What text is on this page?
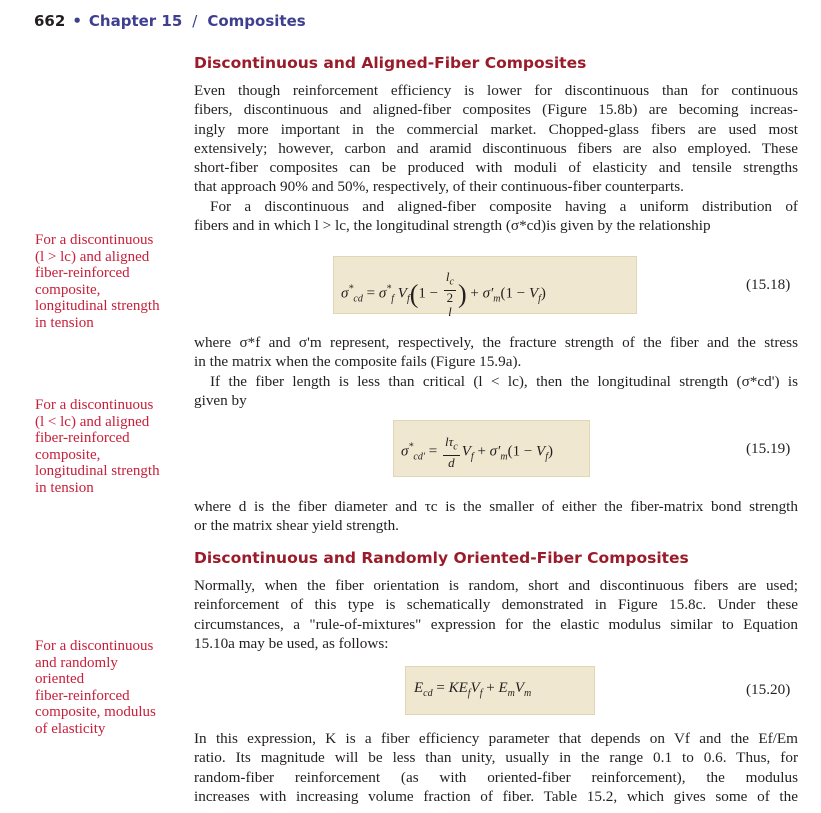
662 • Chapter 15 / Composites
Discontinuous and Aligned-Fiber Composites

Even though reinforcement efficiency is lower for discontinuous than for continuous
fibers, discontinuous and aligned-fiber composites (Figure 15.8b) are becoming increas-
ingly more important in the commercial market. Chopped-glass fibers are used most
extensively; however, carbon and aramid discontinuous fibers are also employed. These
short-fiber composites can be produced with moduli of elasticity and tensile strengths
that approach 90% and 50%, respectively, of their continuous-fiber counterparts.

For a discontinuous and aligned-fiber composite having a uniform distribution of
fibers and in which l > lc, the longitudinal strength (σ*cd)is given by the relationship

$\sigma^*_{cd} = \sigma^*_f$ $V_f(1 - l_c$
2
l ) + $\sigma'_m(1 - V_f)$
(15.18)

where σ*f and σ'm represent, respectively, the fracture strength of the fiber and the stress
in the matrix when the composite fails (Figure 15.9a).

If the fiber length is less than critical (l < lc), then the longitudinal strength (σ*cd') is
given by

$\sigma^*_{cd'} = \frac{l\tau_c}{d} V_f + \sigma'_m(1 - V_f)$	(15.19)

where d is the fiber diameter and τc is the smaller of either the fiber-matrix bond strength
or the matrix shear yield strength.

Discontinuous and Randomly Oriented-Fiber Composites

Normally, when the fiber orientation is random, short and discontinuous fibers are used;
reinforcement of this type is schematically demonstrated in Figure 15.8c. Under these
circumstances, a "rule-of-mixtures" expression for the elastic modulus similar to Equation
15.10a may be used, as follows:

$E_{cd} = KE_fV_f + E_mV_m$	(15.20)

In this expression, K is a fiber efficiency parameter that depends on Vf and the Ef/Em
ratio. Its magnitude will be less than unity, usually in the range 0.1 to 0.6. Thus, for
random-fiber reinforcement (as with oriented-fiber reinforcement), the modulus
increases with increasing volume fraction of fiber. Table 15.2, which gives some of the

For a discontinuous
(l > lc) and aligned
fiber-reinforced
composite,
longitudinal strength
in tension
For a discontinuous
(l < lc) and aligned
fiber-reinforced
composite,
longitudinal strength
in tension
For a discontinuous
and randomly
oriented
fiber-reinforced
composite, modulus
of elasticity
